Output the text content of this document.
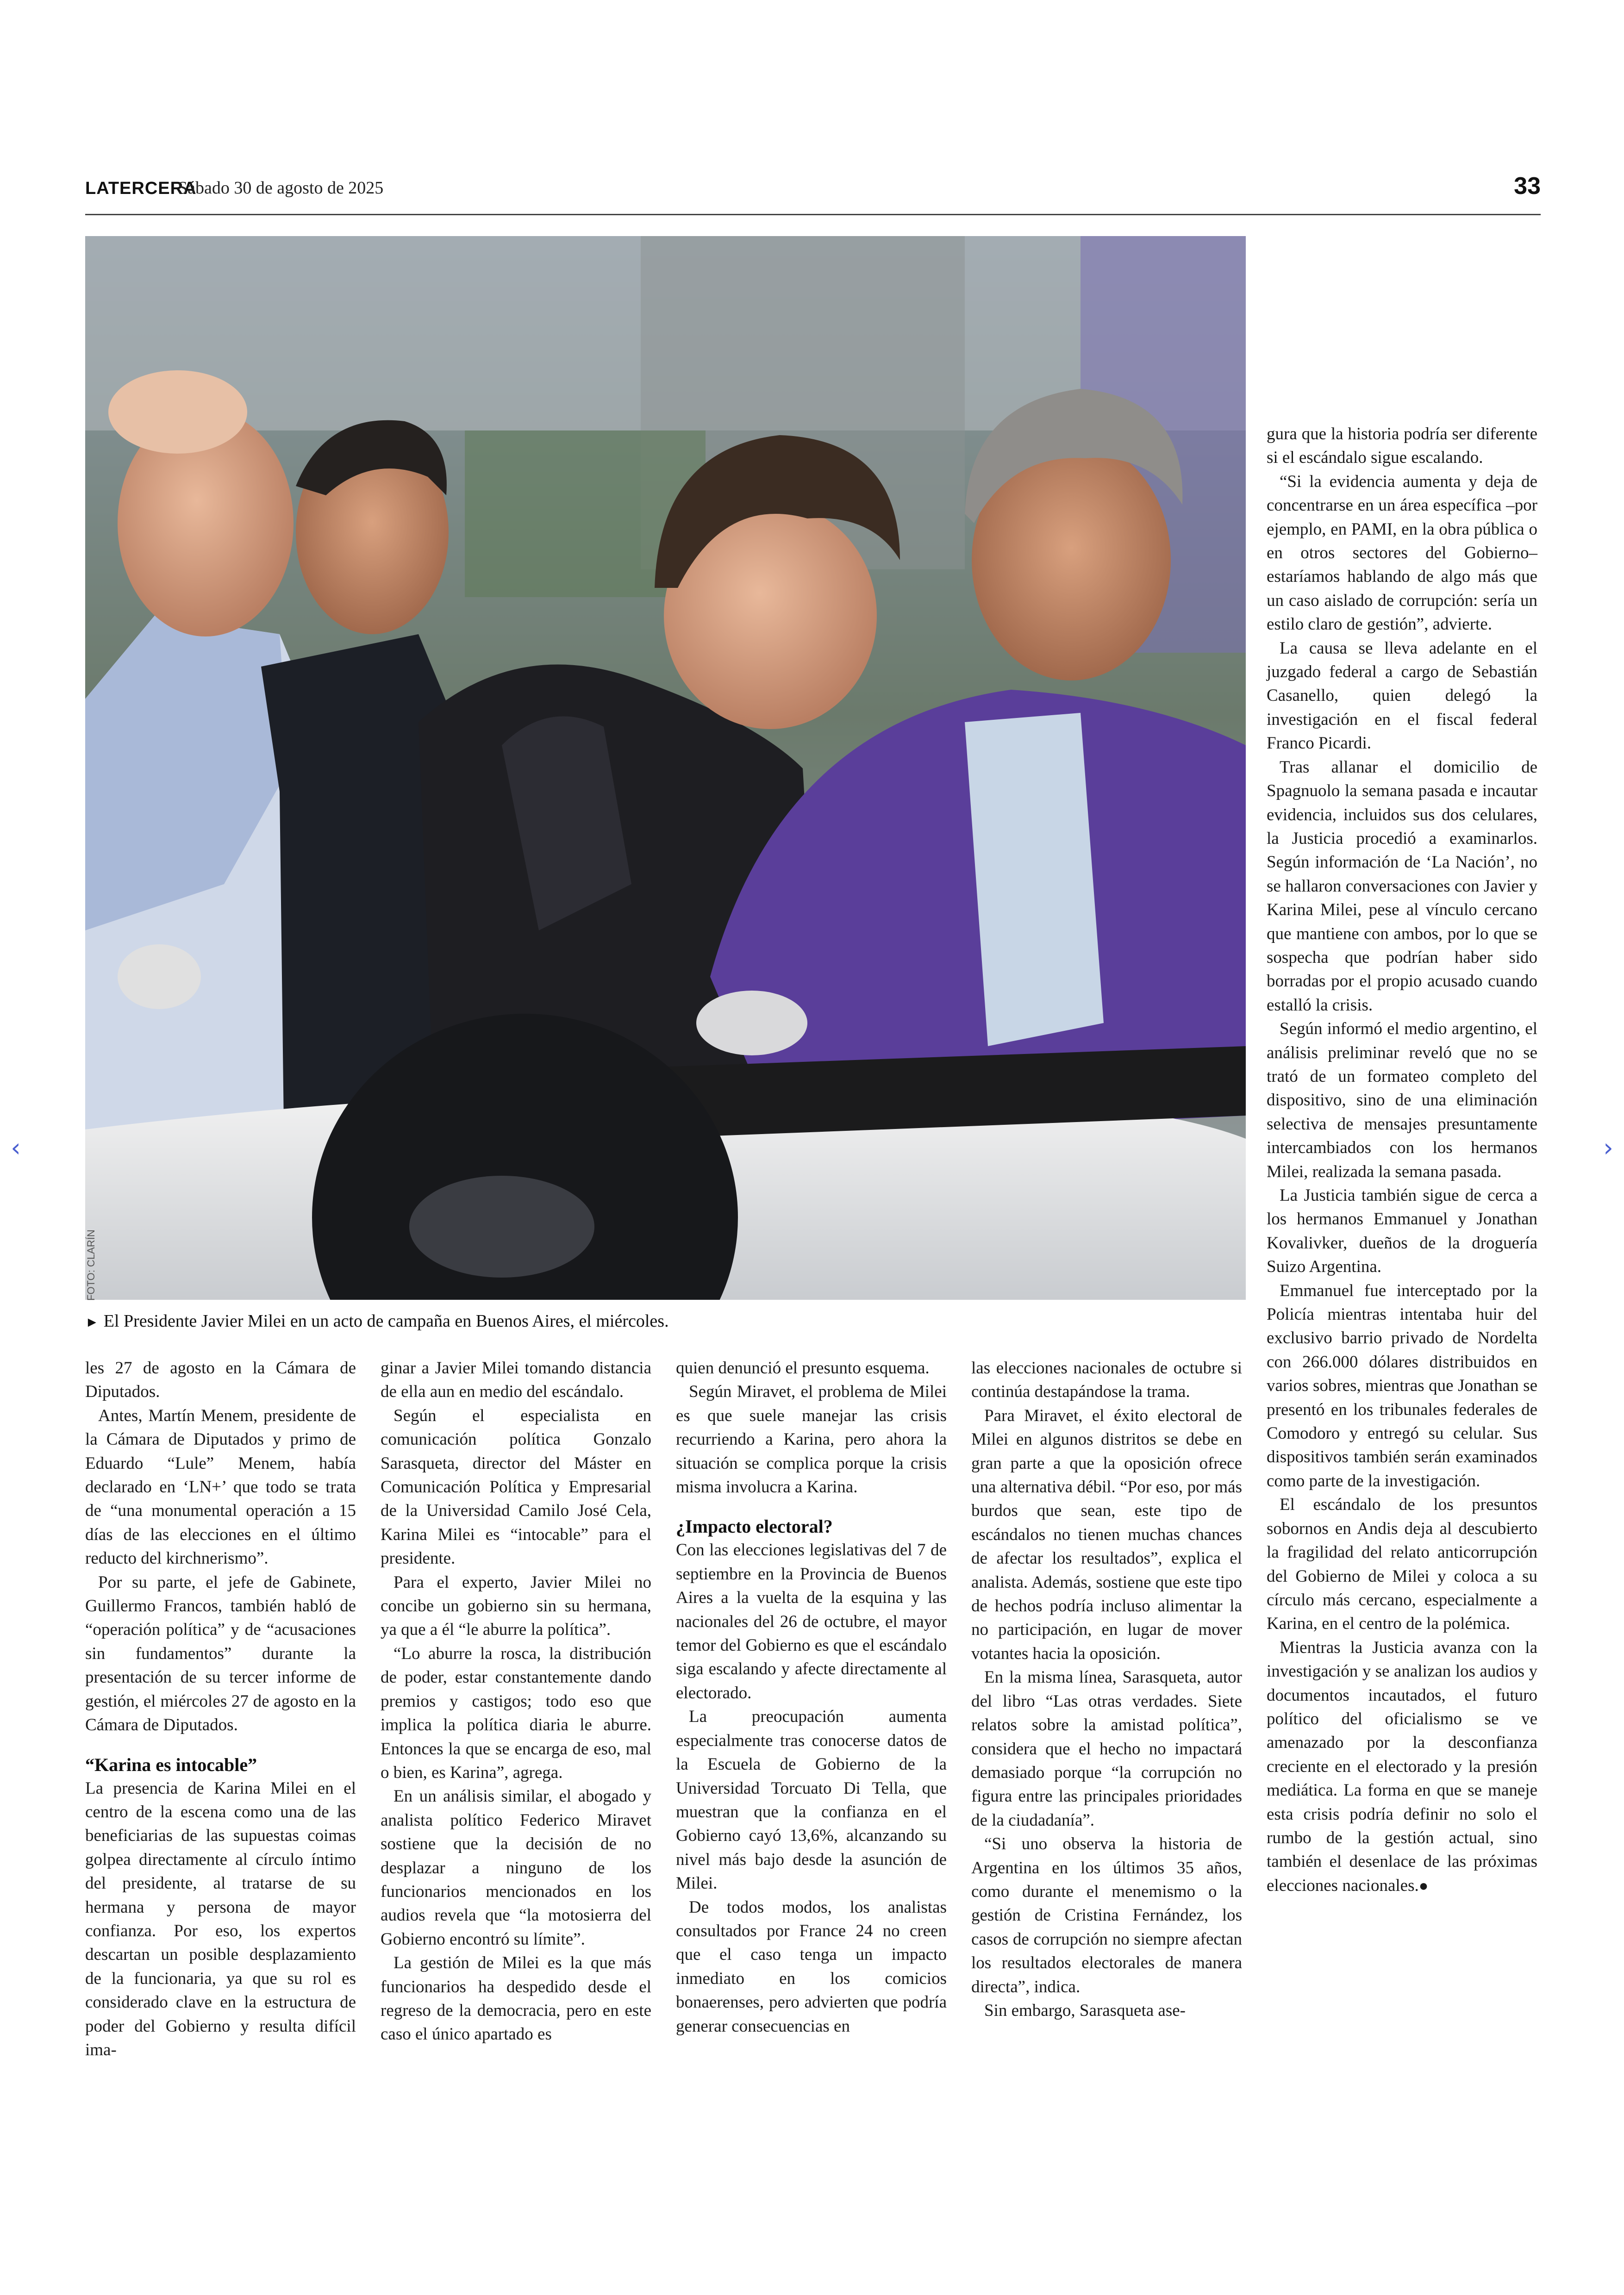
LATERCERA
Sábado 30 de agosto de 2025	33
FOTO: CLARÍN
► El Presidente Javier Milei en un acto de campaña en Buenos Aires, el miércoles.

les 27 de agosto en la Cámara de Diputados.

Antes, Martín Menem, presidente de la Cámara de Diputados y primo de Eduardo “Lule” Menem, había declarado en ‘LN+’ que todo se trata de “una monumental operación a 15 días de las elecciones en el último reducto del kirchnerismo”.

Por su parte, el jefe de Gabinete, Guillermo Francos, también habló de “operación política” y de “acusaciones sin fundamentos” durante la presentación de su tercer informe de gestión, el miércoles 27 de agosto en la Cámara de Diputados.

“Karina es intocable”

La presencia de Karina Milei en el centro de la escena como una de las beneficiarias de las supuestas coimas golpea directamente al círculo íntimo del presidente, al tratarse de su hermana y persona de mayor confianza. Por eso, los expertos descartan un posible desplazamiento de la funcionaria, ya que su rol es considerado clave en la estructura de poder del Gobierno y resulta difícil ima-

ginar a Javier Milei tomando distancia de ella aun en medio del escándalo.

Según el especialista en comunicación política Gonzalo Sarasqueta, director del Máster en Comunicación Política y Empresarial de la Universidad Camilo José Cela, Karina Milei es “intocable” para el presidente.

Para el experto, Javier Milei no concibe un gobierno sin su hermana, ya que a él “le aburre la política”.

“Lo aburre la rosca, la distribución de poder, estar constantemente dando premios y castigos; todo eso que implica la política diaria le aburre. Entonces la que se encarga de eso, mal o bien, es Karina”, agrega.

En un análisis similar, el abogado y analista político Federico Miravet sostiene que la decisión de no desplazar a ninguno de los funcionarios mencionados en los audios revela que “la motosierra del Gobierno encontró su límite”.

La gestión de Milei es la que más funcionarios ha despedido desde el regreso de la democracia, pero en este caso el único apartado es

quien denunció el presunto esquema.

Según Miravet, el problema de Milei es que suele manejar las crisis recurriendo a Karina, pero ahora la situación se complica porque la crisis misma involucra a Karina.

¿Impacto electoral?

Con las elecciones legislativas del 7 de septiembre en la Provincia de Buenos Aires a la vuelta de la esquina y las nacionales del 26 de octubre, el mayor temor del Gobierno es que el escándalo siga escalando y afecte directamente al electorado.

La preocupación aumenta especialmente tras conocerse datos de la Escuela de Gobierno de la Universidad Torcuato Di Tella, que muestran que la confianza en el Gobierno cayó 13,6%, alcanzando su nivel más bajo desde la asunción de Milei.

De todos modos, los analistas consultados por France 24 no creen que el caso tenga un impacto inmediato en los comicios bonaerenses, pero advierten que podría generar consecuencias en

las elecciones nacionales de octubre si continúa destapándose la trama.

Para Miravet, el éxito electoral de Milei en algunos distritos se debe en gran parte a que la oposición ofrece una alternativa débil. “Por eso, por más burdos que sean, este tipo de escándalos no tienen muchas chances de afectar los resultados”, explica el analista. Además, sostiene que este tipo de hechos podría incluso alimentar la no participación, en lugar de mover votantes hacia la oposición.

En la misma línea, Sarasqueta, autor del libro “Las otras verdades. Siete relatos sobre la amistad política”, considera que el hecho no impactará demasiado porque “la corrupción no figura entre las principales prioridades de la ciudadanía”.

“Si uno observa la historia de Argentina en los últimos 35 años, como durante el menemismo o la gestión de Cristina Fernández, los casos de corrupción no siempre afectan los resultados electorales de manera directa”, indica.

Sin embargo, Sarasqueta ase-

gura que la historia podría ser diferente si el escándalo sigue escalando.

“Si la evidencia aumenta y deja de concentrarse en un área específica –por ejemplo, en PAMI, en la obra pública o en otros sectores del Gobierno– estaríamos hablando de algo más que un caso aislado de corrupción: sería un estilo claro de gestión”, advierte.

La causa se lleva adelante en el juzgado federal a cargo de Sebastián Casanello, quien delegó la investigación en el fiscal federal Franco Picardi.

Tras allanar el domicilio de Spagnuolo la semana pasada e incautar evidencia, incluidos sus dos celulares, la Justicia procedió a examinarlos. Según información de ‘La Nación’, no se hallaron conversaciones con Javier y Karina Milei, pese al vínculo cercano que mantiene con ambos, por lo que se sospecha que podrían haber sido borradas por el propio acusado cuando estalló la crisis.

Según informó el medio argentino, el análisis preliminar reveló que no se trató de un formateo completo del dispositivo, sino de una eliminación selectiva de mensajes presuntamente intercambiados con los hermanos Milei, realizada la semana pasada.

La Justicia también sigue de cerca a los hermanos Emmanuel y Jonathan Kovalivker, dueños de la droguería Suizo Argentina.

Emmanuel fue interceptado por la Policía mientras intentaba huir del exclusivo barrio privado de Nordelta con 266.000 dólares distribuidos en varios sobres, mientras que Jonathan se presentó en los tribunales federales de Comodoro y entregó su celular. Sus dispositivos también serán examinados como parte de la investigación.

El escándalo de los presuntos sobornos en Andis deja al descubierto la fragilidad del relato anticorrupción del Gobierno de Milei y coloca a su círculo más cercano, especialmente a Karina, en el centro de la polémica.

Mientras la Justicia avanza con la investigación y se analizan los audios y documentos incautados, el futuro político del oficialismo se ve amenazado por la desconfianza creciente en el electorado y la presión mediática. La forma en que se maneje esta crisis podría definir no solo el rumbo de la gestión actual, sino también el desenlace de las próximas elecciones nacionales.●

‹	›
